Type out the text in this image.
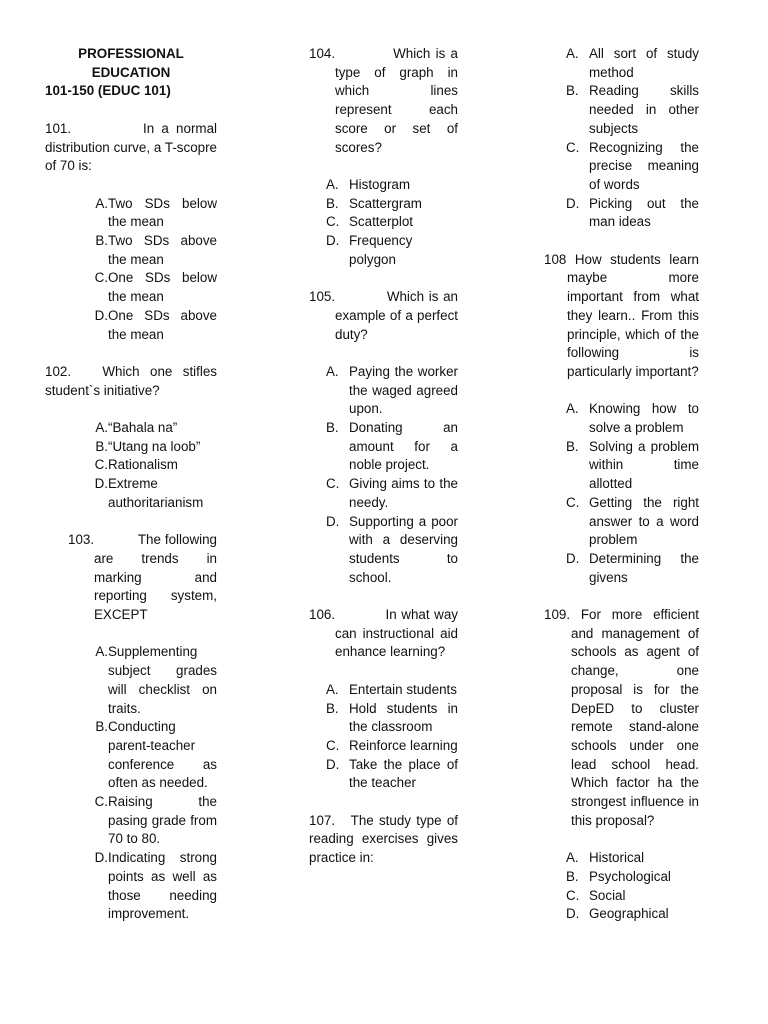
PROFESSIONAL

EDUCATION

101-150 (EDUC 101)

101.	In a normal distribution curve, a T-scopre of 70 is:

A. Two SDs below the mean
B. Two SDs above the mean
C. One SDs below the mean
D. One SDs above the mean

102. Which one stifles student`s initiative?

A. “Bahala na”
B. “Utang na loob”
C. Rationalism
D. Extreme authoritarianism

103.	The following are trends in marking and reporting system, EXCEPT

A. Supplementing subject grades will checklist on traits.
B. Conducting parent-teacher conference as often as needed.
C. Raising the pasing grade from 70 to 80.
D. Indicating strong points as well as those needing improvement.

104.	Which is a type of graph in which lines represent each score or set of scores?

A. Histogram
B. Scattergram
C. Scatterplot
D. Frequency polygon

105.	Which is an example of a perfect duty?

A. Paying the worker the waged agreed upon.
B. Donating an amount for a noble project.
C. Giving aims to the needy.
D. Supporting a poor with a deserving students to school.

106.	In what way can instructional aid enhance learning?

A. Entertain students
B. Hold students in the classroom
C. Reinforce learning
D. Take the place of the teacher

107. The study type of reading exercises gives practice in:

A. All sort of study method
B. Reading skills needed in other subjects
C. Recognizing the precise meaning of words
D. Picking out the man ideas

108 How students learn maybe more important from what they learn.. From this principle, which of the following is particularly important?

A. Knowing how to solve a problem
B. Solving a problem within time allotted
C. Getting the right answer to a word problem
D. Determining the givens

109. For more efficient and management of schools as agent of change, one proposal is for the DepED to cluster remote stand-alone schools under one lead school head. Which factor ha the strongest influence in this proposal?

A. Historical
B. Psychological
C. Social
D. Geographical
